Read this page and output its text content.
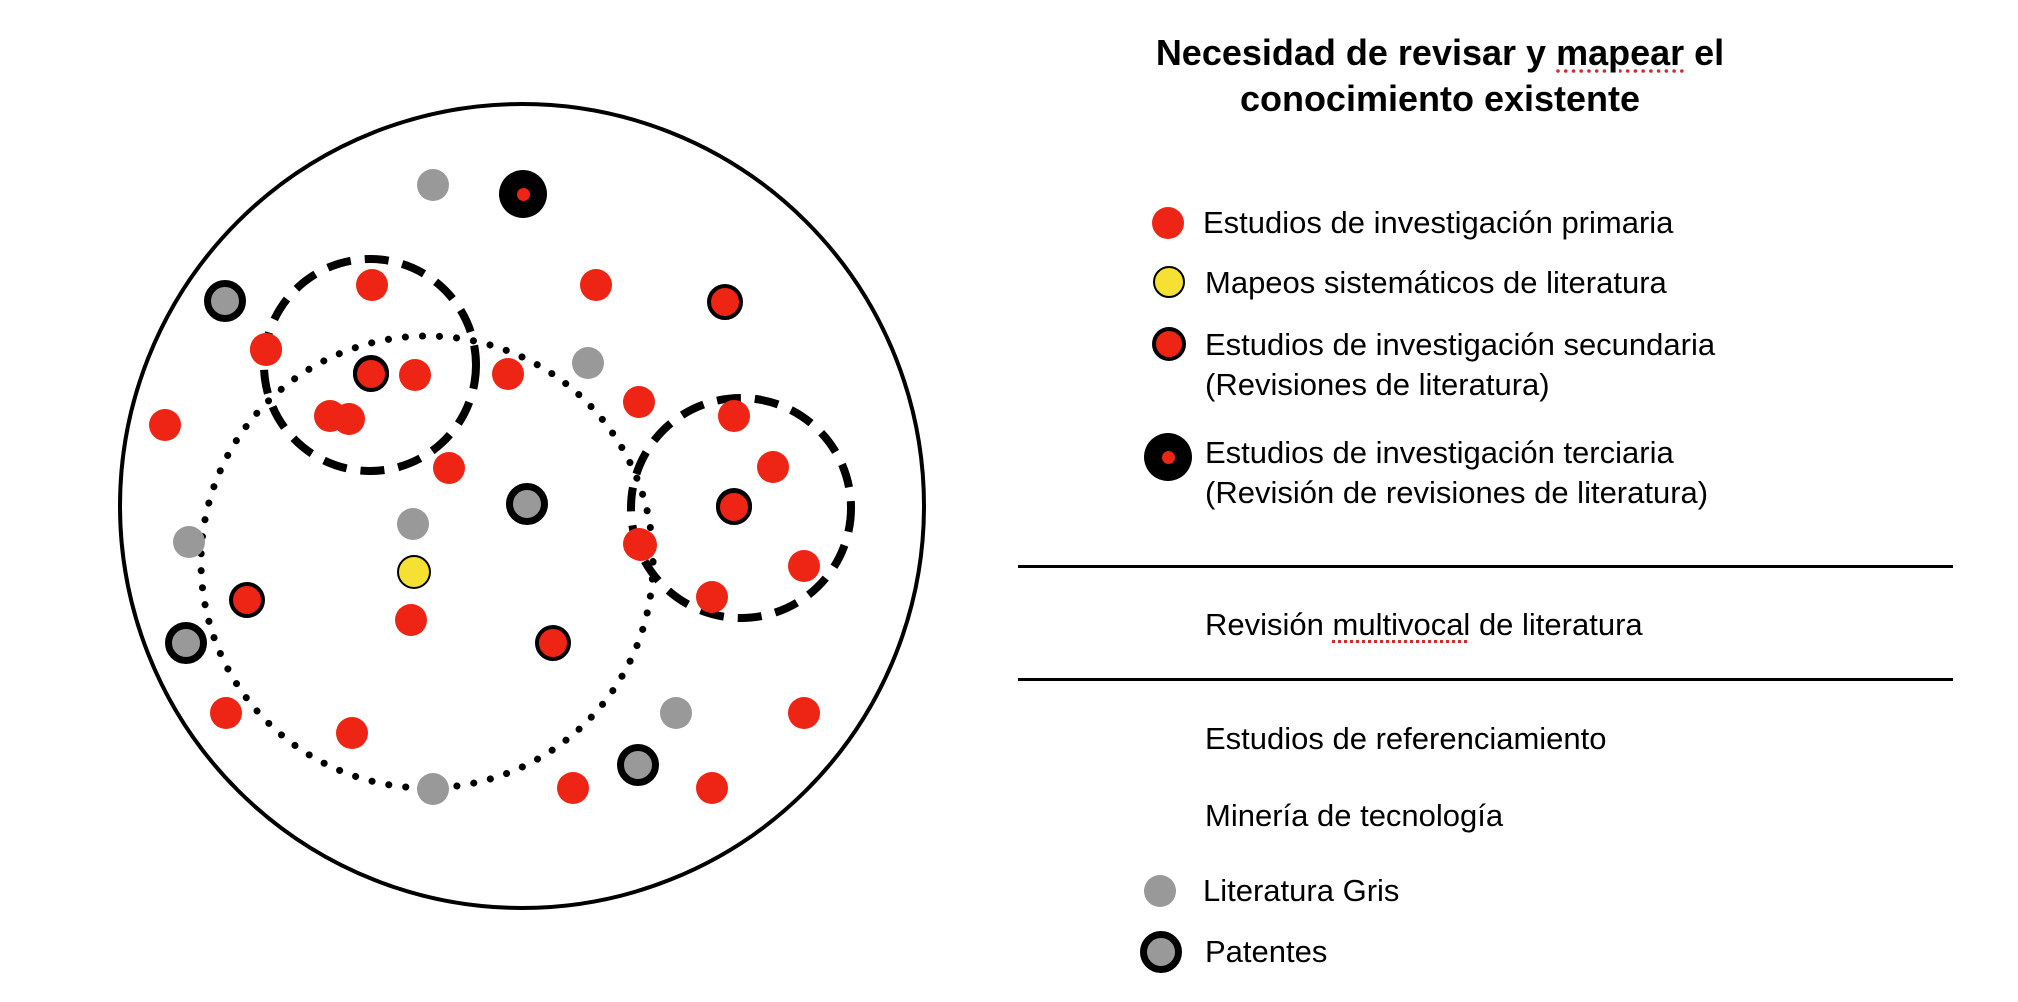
Necesidad de revisar y mapear el
conocimiento existente
Estudios de investigación primaria
Mapeos sistemáticos de literatura
Estudios de investigación secundaria
(Revisiones de literatura)
Estudios de investigación terciaria
(Revisión de revisiones de literatura)
Revisión multivocal de literatura
Estudios de referenciamiento
Minería de tecnología
Literatura Gris
Patentes
